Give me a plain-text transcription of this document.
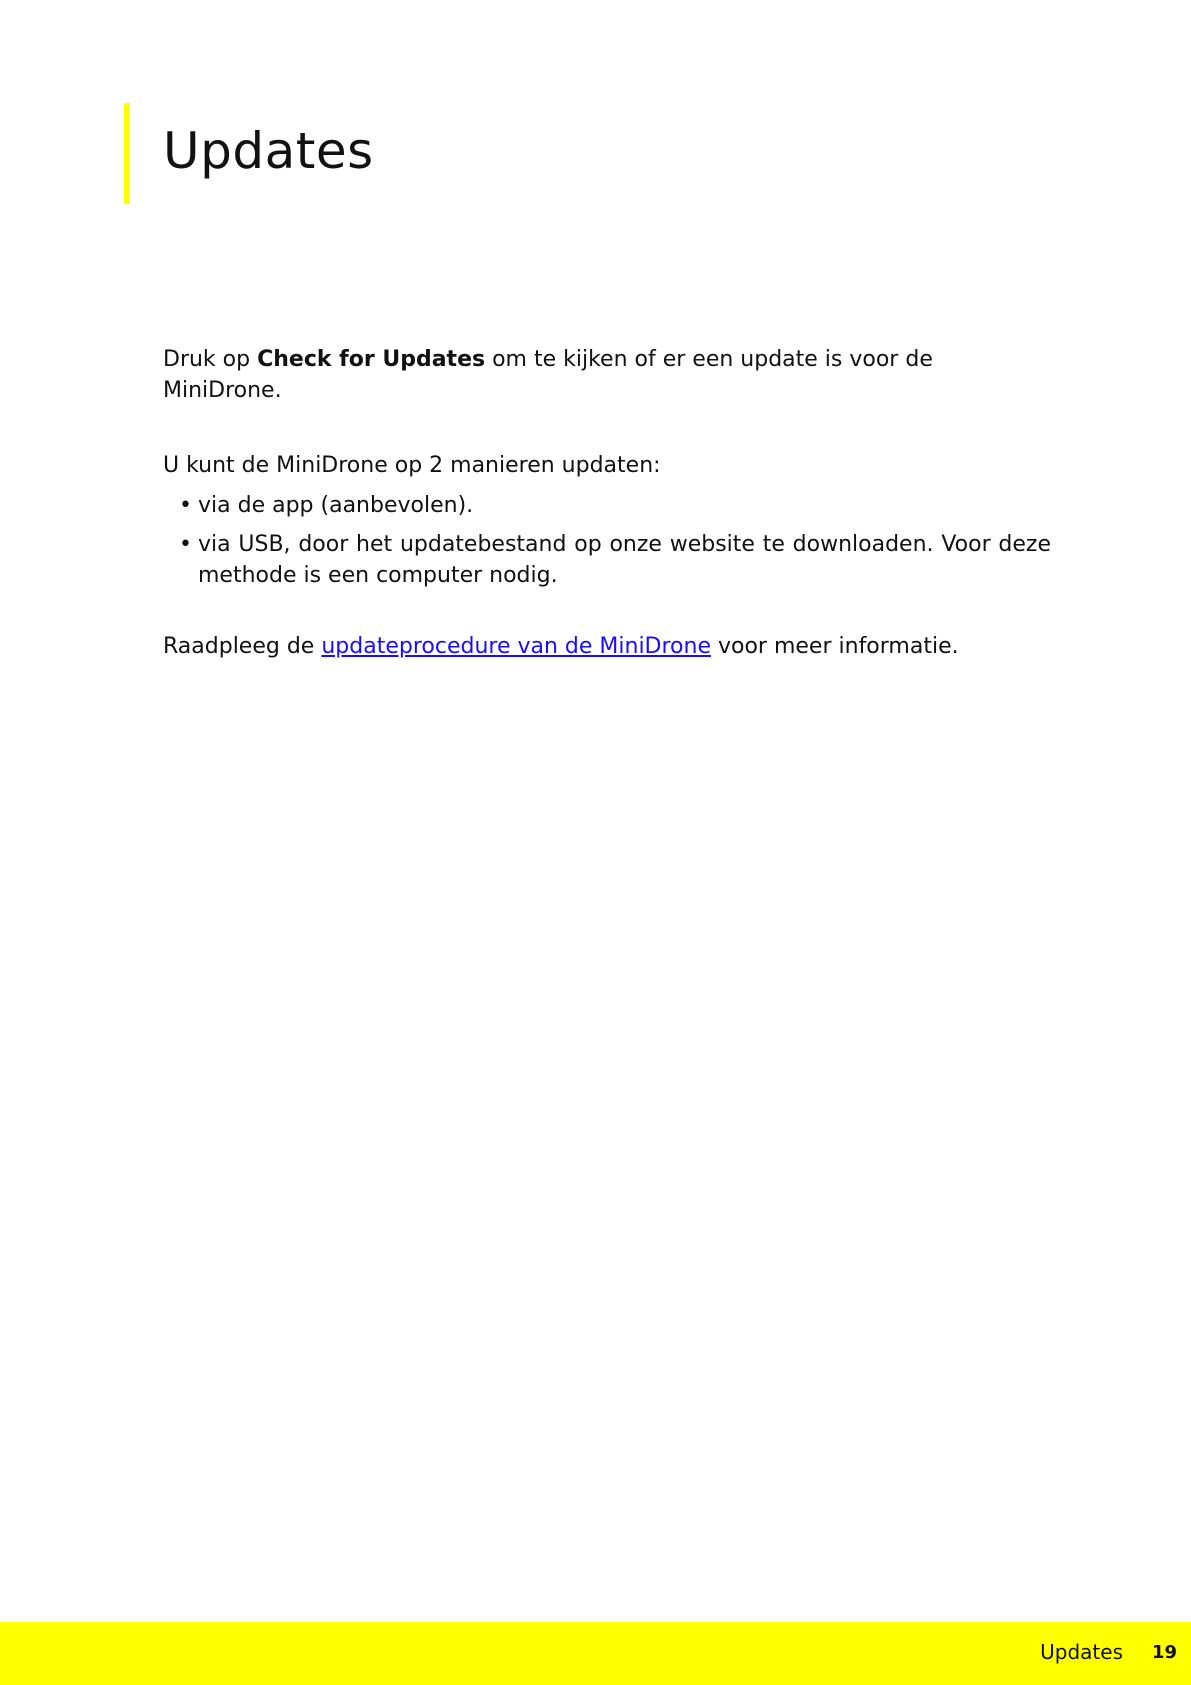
Updates

Druk op Check for Updates om te kijken of er een update is voor de MiniDrone.

U kunt de MiniDrone op 2 manieren updaten:

• via de app (aanbevolen).
• via USB, door het updatebestand op onze website te downloaden. Voor deze methode is een computer nodig.

Raadpleeg de updateprocedure van de MiniDrone voor meer informatie.

Updates 19
